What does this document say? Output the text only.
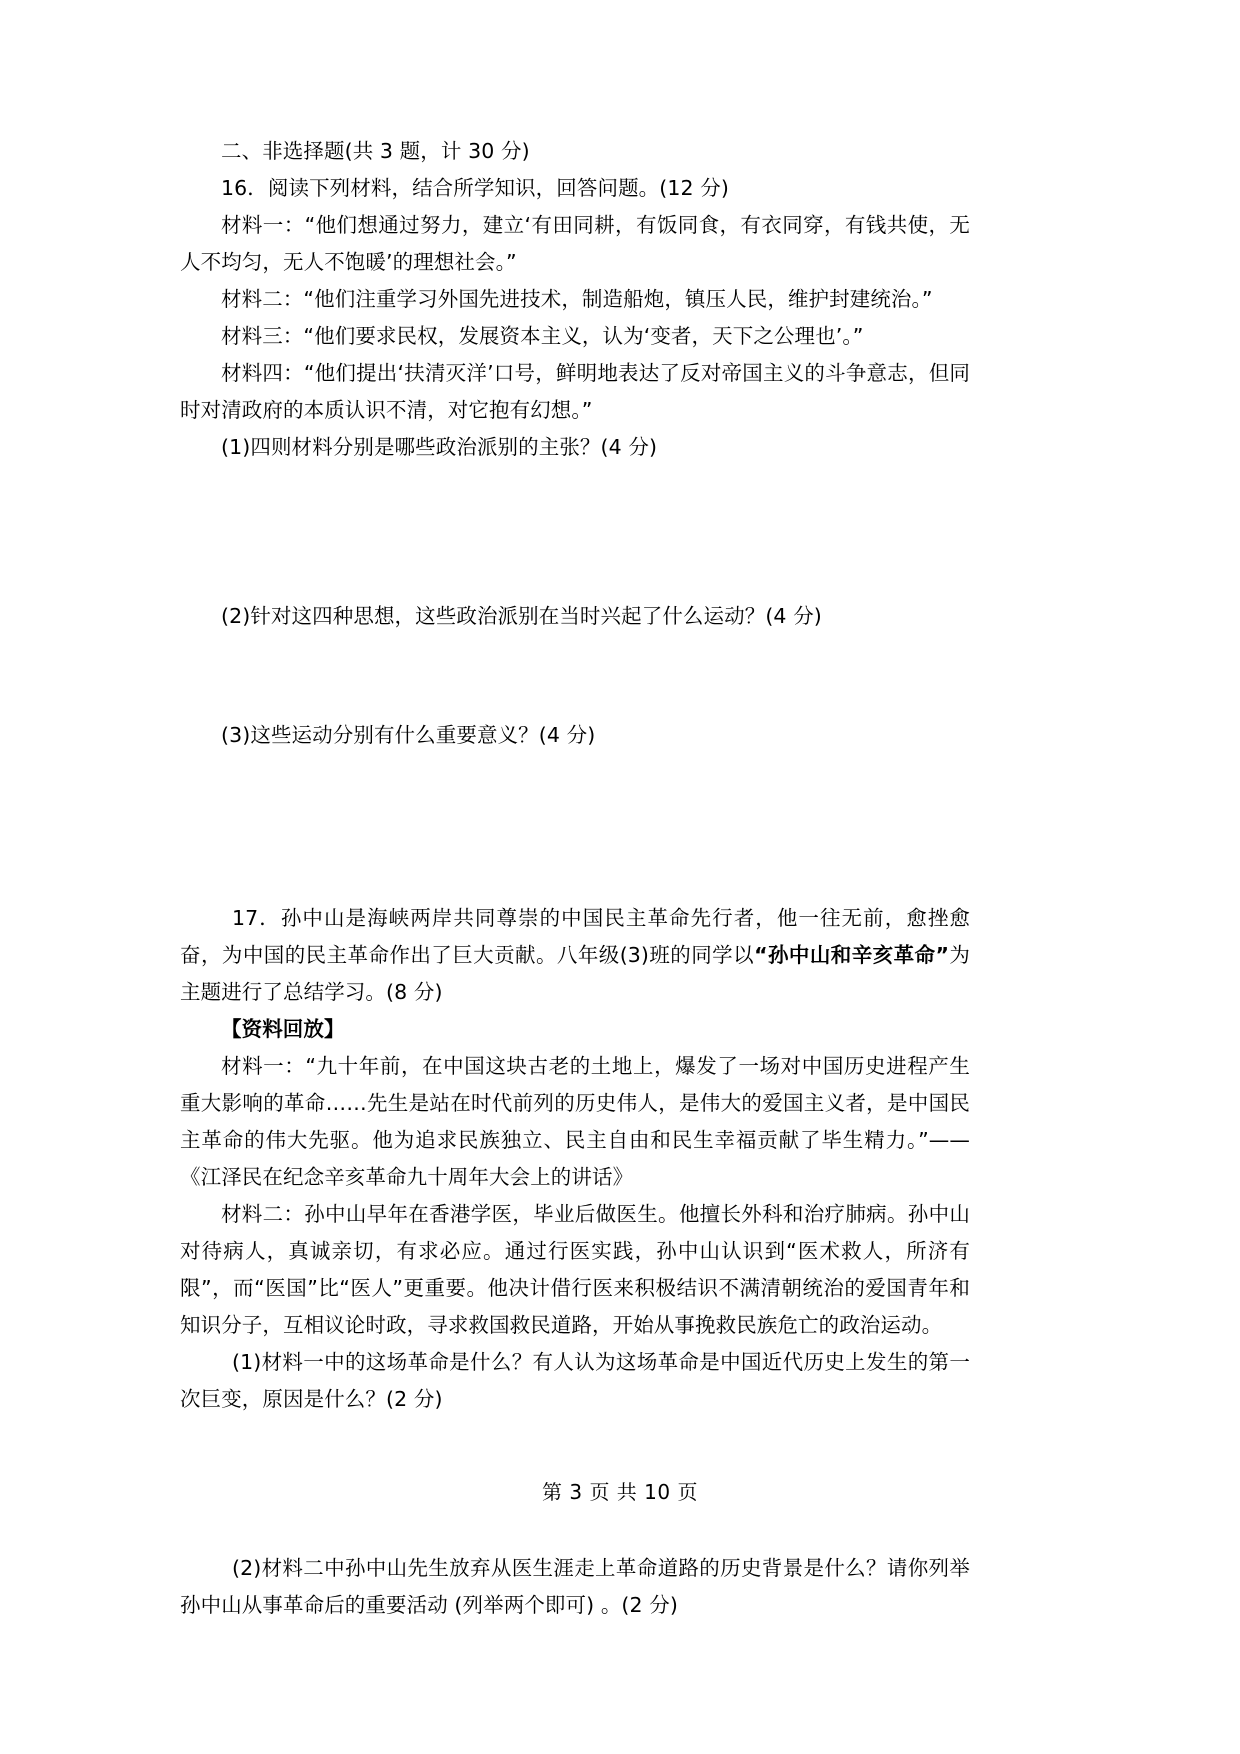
二、非选择题(共 3 题，计 30 分)

16．阅读下列材料，结合所学知识，回答问题。(12 分)

材料一：“他们想通过努力，建立‘有田同耕，有饭同食，有衣同穿，有钱共使，无人不均匀，无人不饱暖’的理想社会。”

材料二：“他们注重学习外国先进技术，制造船炮，镇压人民，维护封建统治。”

材料三：“他们要求民权，发展资本主义，认为‘变者，天下之公理也’。”

材料四：“他们提出‘扶清灭洋’口号，鲜明地表达了反对帝国主义的斗争意志，但同时对清政府的本质认识不清，对它抱有幻想。”

(1)四则材料分别是哪些政治派别的主张？(4 分)

(2)针对这四种思想，这些政治派别在当时兴起了什么运动？(4 分)

(3)这些运动分别有什么重要意义？(4 分)

17．孙中山是海峡两岸共同尊崇的中国民主革命先行者，他一往无前，愈挫愈奋，为中国的民主革命作出了巨大贡献。八年级(3)班的同学以“孙中山和辛亥革命”为主题进行了总结学习。(8 分)

【资料回放】

材料一：“九十年前，在中国这块古老的土地上，爆发了一场对中国历史进程产生重大影响的革命……先生是站在时代前列的历史伟人，是伟大的爱国主义者，是中国民主革命的伟大先驱。他为追求民族独立、民主自由和民生幸福贡献了毕生精力。”——《江泽民在纪念辛亥革命九十周年大会上的讲话》

材料二：孙中山早年在香港学医，毕业后做医生。他擅长外科和治疗肺病。孙中山对待病人，真诚亲切，有求必应。通过行医实践，孙中山认识到“医术救人，所济有限”，而“医国”比“医人”更重要。他决计借行医来积极结识不满清朝统治的爱国青年和知识分子，互相议论时政，寻求救国救民道路，开始从事挽救民族危亡的政治运动。

(1)材料一中的这场革命是什么？有人认为这场革命是中国近代历史上发生的第一次巨变，原因是什么？(2 分)

(2)材料二中孙中山先生放弃从医生涯走上革命道路的历史背景是什么？请你列举孙中山从事革命后的重要活动 (列举两个即可) 。(2 分)

第 3 页 共 10 页
